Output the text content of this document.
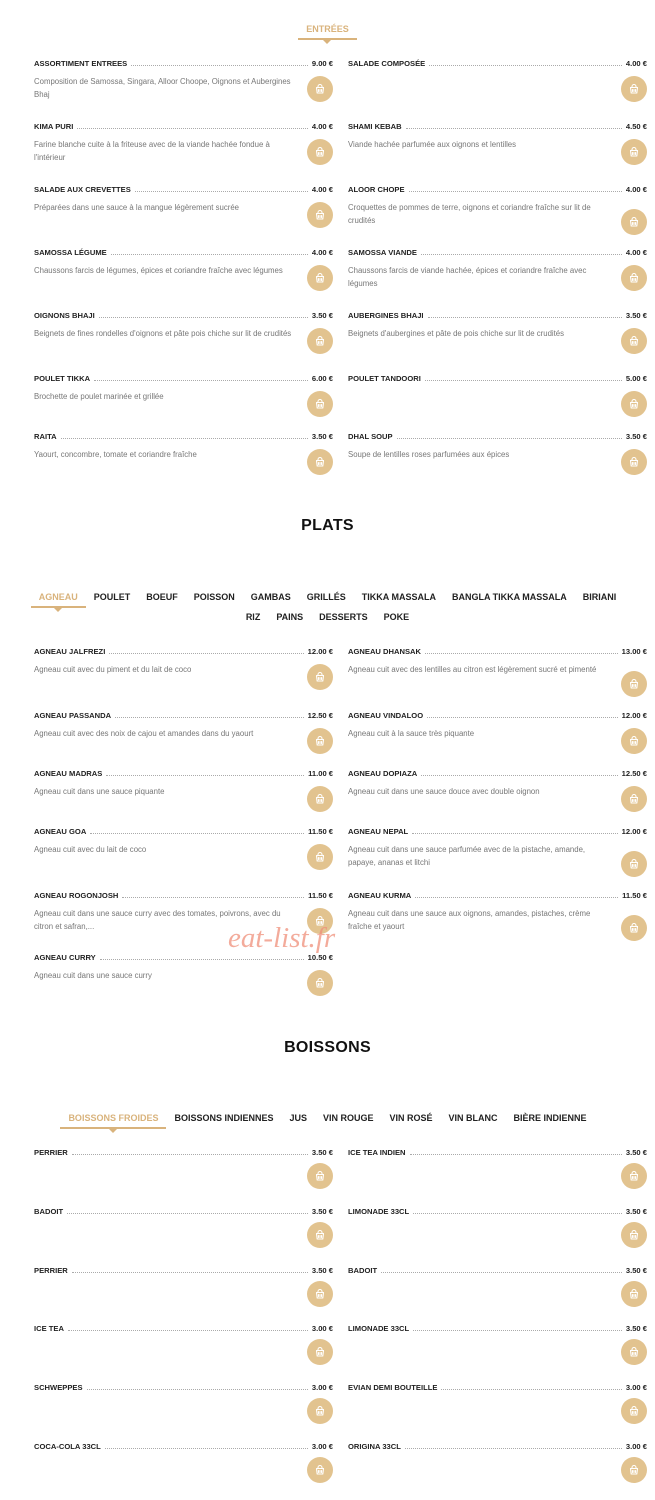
ENTRÉES
ASSORTIMENT ENTREES	9.00 €
Composition de Samossa, Singara, Alloor Choope, Oignons et Aubergines Bhaj
SALADE COMPOSÉE	4.00 €
KIMA PURI	4.00 €
Farine blanche cuite à la friteuse avec de la viande hachée fondue à l'intérieur
SHAMI KEBAB	4.50 €
Viande hachée parfumée aux oignons et lentilles
SALADE AUX CREVETTES	4.00 €
Préparées dans une sauce à la mangue légèrement sucrée
ALOOR CHOPE	4.00 €
Croquettes de pommes de terre, oignons et coriandre fraîche sur lit de crudités
SAMOSSA LÉGUME	4.00 €
Chaussons farcis de légumes, épices et coriandre fraîche avec légumes
SAMOSSA VIANDE	4.00 €
Chaussons farcis de viande hachée, épices et coriandre fraîche avec légumes
OIGNONS BHAJI	3.50 €
Beignets de fines rondelles d'oignons et pâte pois chiche sur lit de crudités
AUBERGINES BHAJI	3.50 €
Beignets d'aubergines et pâte de pois chiche sur lit de crudités
POULET TIKKA	6.00 €
Brochette de poulet marinée et grillée
POULET TANDOORI	5.00 €
RAITA	3.50 €
Yaourt, concombre, tomate et coriandre fraîche
DHAL SOUP	3.50 €
Soupe de lentilles roses parfumées aux épices
PLATS
AGNEAU POULET BOEUF POISSON GAMBAS GRILLÉS TIKKA MASSALA BANGLA TIKKA MASSALA BIRIANI
RIZ PAINS DESSERTS POKE
AGNEAU JALFREZI	12.00 €
Agneau cuit avec du piment et du lait de coco
AGNEAU DHANSAK	13.00 €
Agneau cuit avec des lentilles au citron est légèrement sucré et pimenté
AGNEAU PASSANDA	12.50 €
Agneau cuit avec des noix de cajou et amandes dans du yaourt
AGNEAU VINDALOO	12.00 €
Agneau cuit à la sauce très piquante
AGNEAU MADRAS	11.00 €
Agneau cuit dans une sauce piquante
AGNEAU DOPIAZA	12.50 €
Agneau cuit dans une sauce douce avec double oignon
AGNEAU GOA	11.50 €
Agneau cuit avec du lait de coco
AGNEAU NEPAL	12.00 €
Agneau cuit dans une sauce parfumée avec de la pistache, amande, papaye, ananas et litchi
AGNEAU ROGONJOSH	11.50 €
Agneau cuit dans une sauce curry avec des tomates, poivrons, avec du citron et safran,...
AGNEAU KURMA	11.50 €
Agneau cuit dans une sauce aux oignons, amandes, pistaches, crème fraîche et yaourt
AGNEAU CURRY	10.50 €
Agneau cuit dans une sauce curry
BOISSONS
BOISSONS FROIDES BOISSONS INDIENNES JUS VIN ROUGE VIN ROSÉ VIN BLANC BIÈRE INDIENNE
PERRIER	3.50 € ICE TEA INDIEN	3.50 €
BADOIT	3.50 € LIMONADE 33CL	3.50 €
PERRIER	3.50 € BADOIT	3.50 €
ICE TEA	3.00 € LIMONADE 33CL	3.50 €
SCHWEPPES	3.00 € EVIAN DEMI BOUTEILLE	3.00 €
COCA-COLA 33CL	3.00 € ORIGINA 33CL	3.00 €
eat-list.fr
